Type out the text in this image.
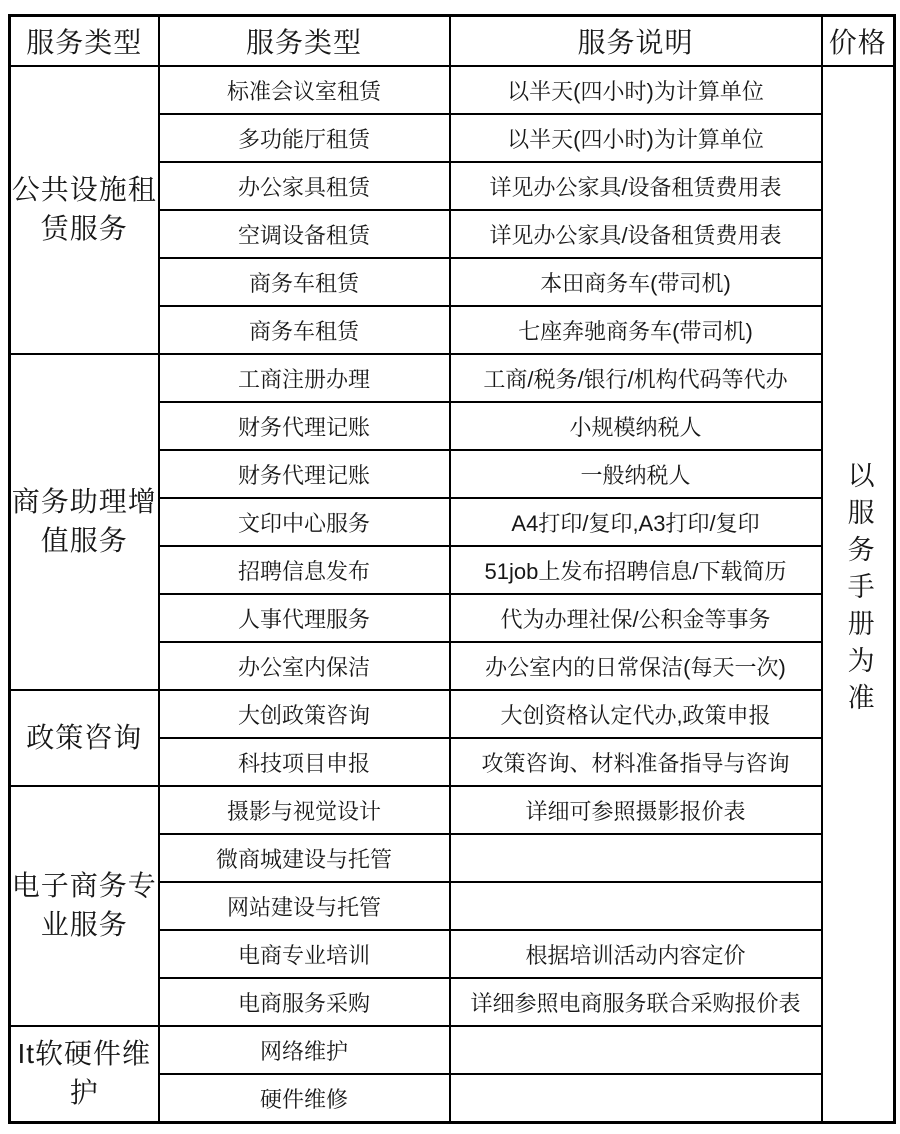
服务类型	服务类型	服务说明	价格
公共设施租赁服务	标准会议室租赁	以半天(四小时)为计算单位	以服务手册为准
	多功能厅租赁	以半天(四小时)为计算单位	
	办公家具租赁	详见办公家具/设备租赁费用表	
	空调设备租赁	详见办公家具/设备租赁费用表	
	商务车租赁	本田商务车(带司机)	
	商务车租赁	七座奔驰商务车(带司机)	
商务助理增值服务	工商注册办理	工商/税务/银行/机构代码等代办	
	财务代理记账	小规模纳税人	
	财务代理记账	一般纳税人	
	文印中心服务	A4打印/复印,A3打印/复印	
	招聘信息发布	51job上发布招聘信息/下载简历	
	人事代理服务	代为办理社保/公积金等事务	
	办公室内保洁	办公室内的日常保洁(每天一次)	
政策咨询	大创政策咨询	大创资格认定代办,政策申报	
	科技项目申报	攻策咨询、材料准备指导与咨询	
电子商务专业服务	摄影与视觉设计	详细可参照摄影报价表	
	微商城建设与托管		
	网站建设与托管		
	电商专业培训	根据培训活动内容定价	
	电商服务采购	详细参照电商服务联合采购报价表	
It软硬件维护	网络维护		
	硬件维修		
